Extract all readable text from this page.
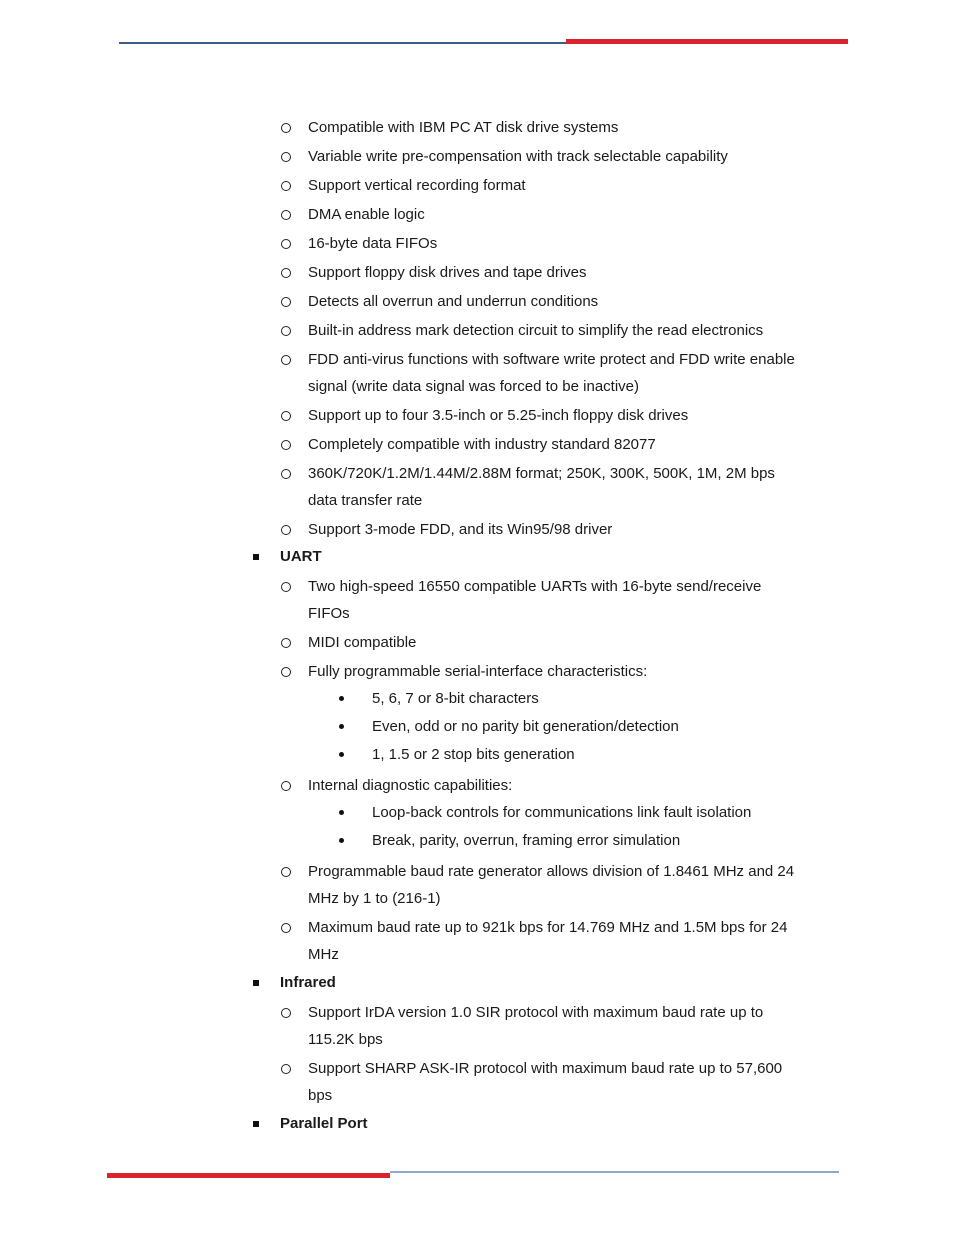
Compatible with IBM PC AT disk drive systems
Variable write pre-compensation with track selectable capability
Support vertical recording format
DMA enable logic
16-byte data FIFOs
Support floppy disk drives and tape drives
Detects all overrun and underrun conditions
Built-in address mark detection circuit to simplify the read electronics
FDD anti-virus functions with software write protect and FDD write enable
signal (write data signal was forced to be inactive)
Support up to four 3.5-inch or 5.25-inch floppy disk drives
Completely compatible with industry standard 82077
360K/720K/1.2M/1.44M/2.88M format; 250K, 300K, 500K, 1M, 2M bps
data transfer rate
Support 3-mode FDD, and its Win95/98 driver
UART
Two high-speed 16550 compatible UARTs with 16-byte send/receive
FIFOs
MIDI compatible
Fully programmable serial-interface characteristics:
5, 6, 7 or 8-bit characters
Even, odd or no parity bit generation/detection
1, 1.5 or 2 stop bits generation
Internal diagnostic capabilities:
Loop-back controls for communications link fault isolation
Break, parity, overrun, framing error simulation
Programmable baud rate generator allows division of 1.8461 MHz and 24
MHz by 1 to (216-1)
Maximum baud rate up to 921k bps for 14.769 MHz and 1.5M bps for 24
MHz
Infrared
Support IrDA version 1.0 SIR protocol with maximum baud rate up to
115.2K bps
Support SHARP ASK-IR protocol with maximum baud rate up to 57,600
bps
Parallel Port
